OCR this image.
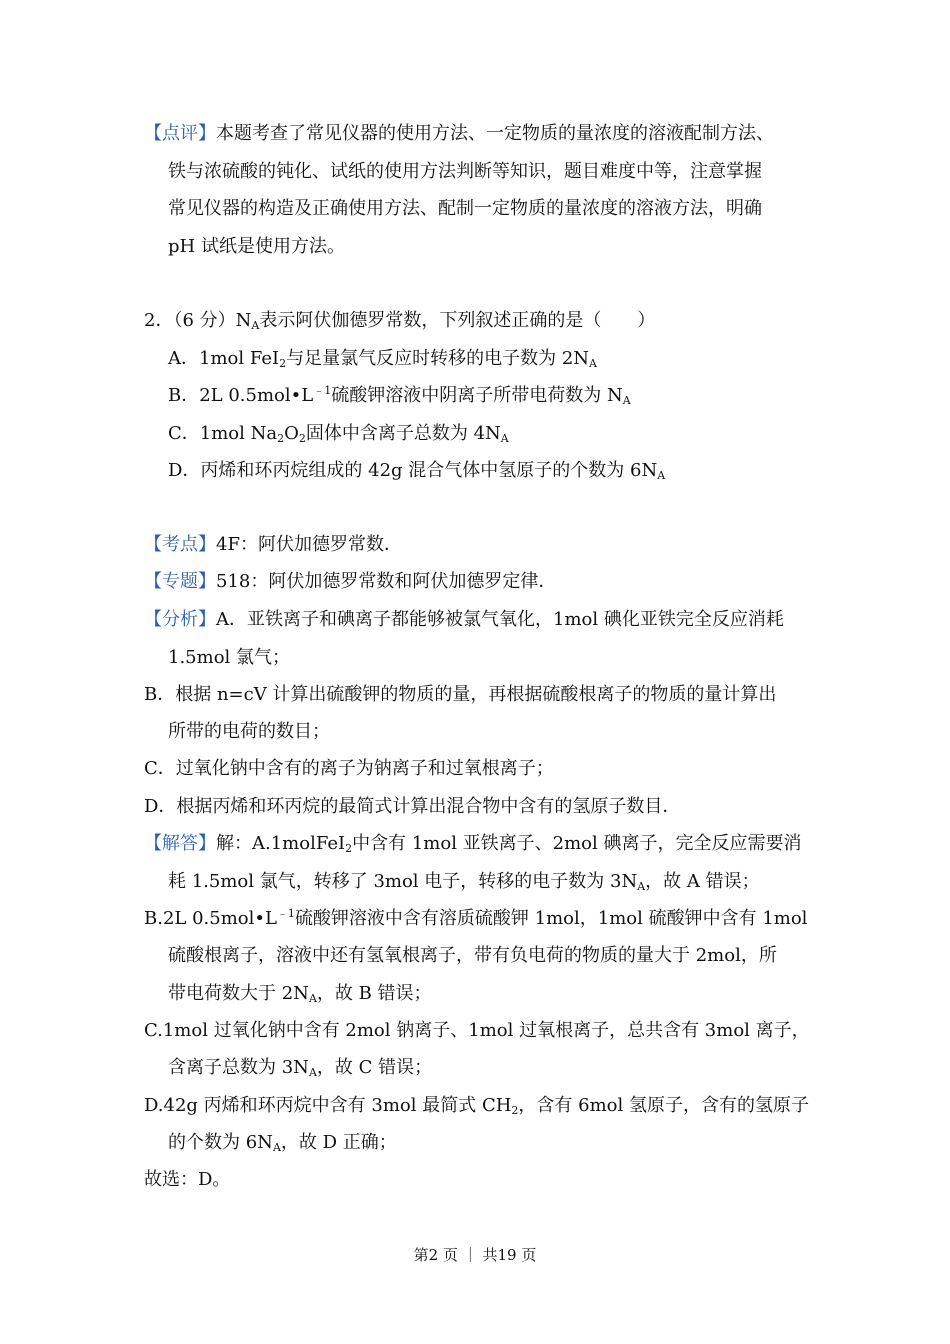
【点评】本题考查了常见仪器的使用方法、一定物质的量浓度的溶液配制方法、
铁与浓硫酸的钝化、试纸的使用方法判断等知识，题目难度中等，注意掌握
常见仪器的构造及正确使用方法、配制一定物质的量浓度的溶液方法，明确
pH 试纸是使用方法。
2．（6 分）$N_A$表示阿伏伽德罗常数，下列叙述正确的是（　　）
A．1mol FeI$_2$与足量氯气反应时转移的电子数为 $2N_A$
B．2L $0.5mol•L^{﹣1}$硫酸钾溶液中阴离子所带电荷数为 $N_A$
C．1mol $Na_2O_2$固体中含离子总数为 $4N_A$
D．丙烯和环丙烷组成的 42g 混合气体中氢原子的个数为 $6N_A$
【考点】4F：阿伏加德罗常数．
【专题】518：阿伏加德罗常数和阿伏加德罗定律．
【分析】A．亚铁离子和碘离子都能够被氯气氧化，1mol 碘化亚铁完全反应消耗
1.5mol 氯气；
B．根据 n=cV 计算出硫酸钾的物质的量，再根据硫酸根离子的物质的量计算出
所带的电荷的数目；
C．过氧化钠中含有的离子为钠离子和过氧根离子；
D．根据丙烯和环丙烷的最简式计算出混合物中含有的氢原子数目．
【解答】解：A.1molFeI$_2$中含有 1mol 亚铁离子、2mol 碘离子，完全反应需要消
耗 1.5mol 氯气，转移了 3mol 电子，转移的电子数为 $3N_A$，故 A 错误；
B.2L $0.5mol•L^{﹣1}$硫酸钾溶液中含有溶质硫酸钾 1mol，1mol 硫酸钾中含有 1mol
硫酸根离子，溶液中还有氢氧根离子，带有负电荷的物质的量大于 2mol，所
带电荷数大于 $2N_A$，故 B 错误；
C.1mol 过氧化钠中含有 2mol 钠离子、1mol 过氧根离子，总共含有 3mol 离子，
含离子总数为 $3N_A$，故 C 错误；
D.42g 丙烯和环丙烷中含有 3mol 最简式 $CH_2$，含有 6mol 氢原子，含有的氢原子
的个数为 $6N_A$，故 D 正确；
故选：D。
第2 页 ｜ 共19 页
